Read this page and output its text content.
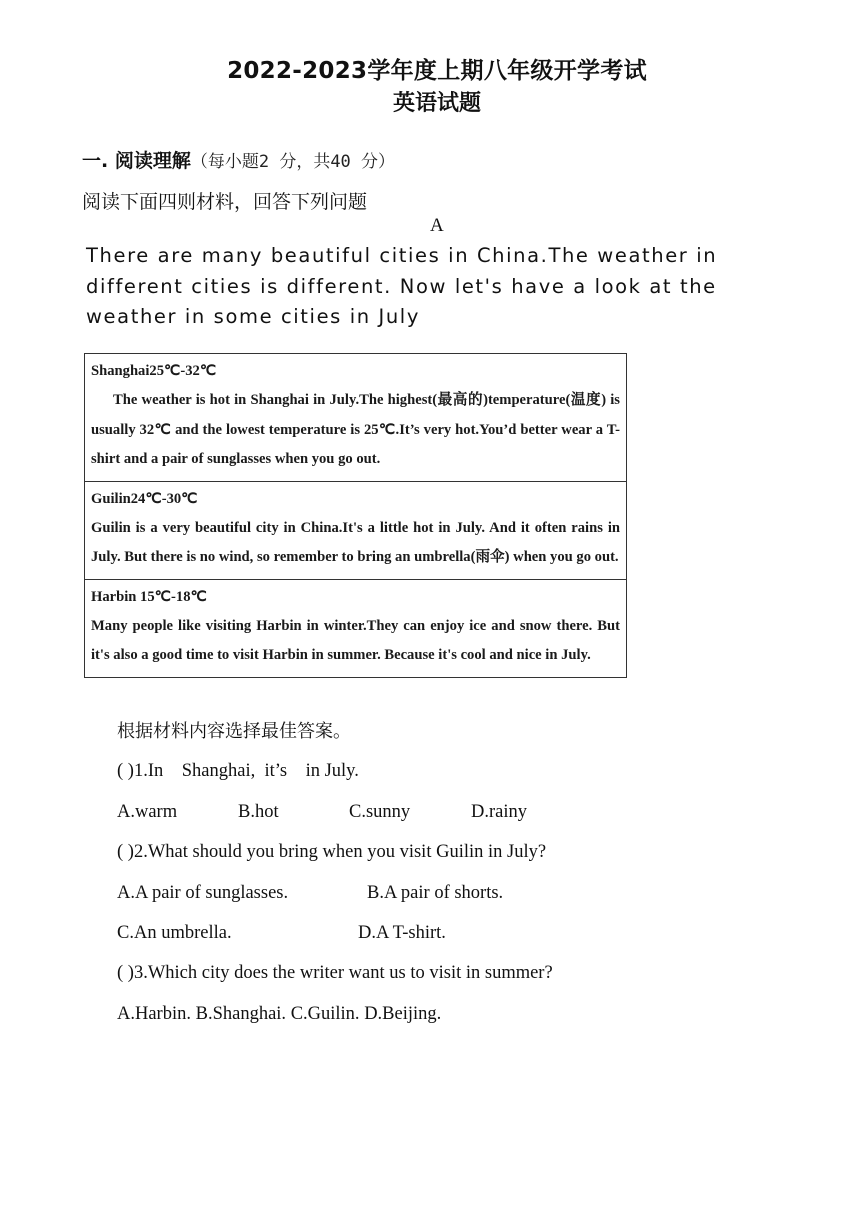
2022-2023学年度上期八年级开学考试
英语试题
一. 阅读理解（每小题2 分，共40 分）
阅读下面四则材料，回答下列问题
A
There are many beautiful cities in China.The weather in different cities is different. Now let's have a look at the weather in some cities in July
Shanghai25℃-32℃
The weather is hot in Shanghai in July.The highest(最高的)temperature(温度) is usually 32℃ and the lowest temperature is 25℃.It’s very hot.You’d better wear a T-shirt and a pair of sunglasses when you go out.
Guilin24℃-30℃
Guilin is a very beautiful city in China.It's a little hot in July. And it often rains in July. But there is no wind, so remember to bring an umbrella(雨伞) when you go out.
Harbin 15℃-18℃
Many people like visiting Harbin in winter.They can enjoy ice and snow there. But it's also a good time to visit Harbin in summer. Because it's cool and nice in July.
根据材料内容选择最佳答案。
( )1.In    Shanghai,  it’s    in July.
A.warm	B.hot	C.sunny	D.rainy
( )2.What should you bring when you visit Guilin in July?
A.A pair of sunglasses.	B.A pair of shorts.
C.An umbrella.	D.A T-shirt.
( )3.Which city does the writer want us to visit in summer?
A.Harbin. B.Shanghai. C.Guilin. D.Beijing.
